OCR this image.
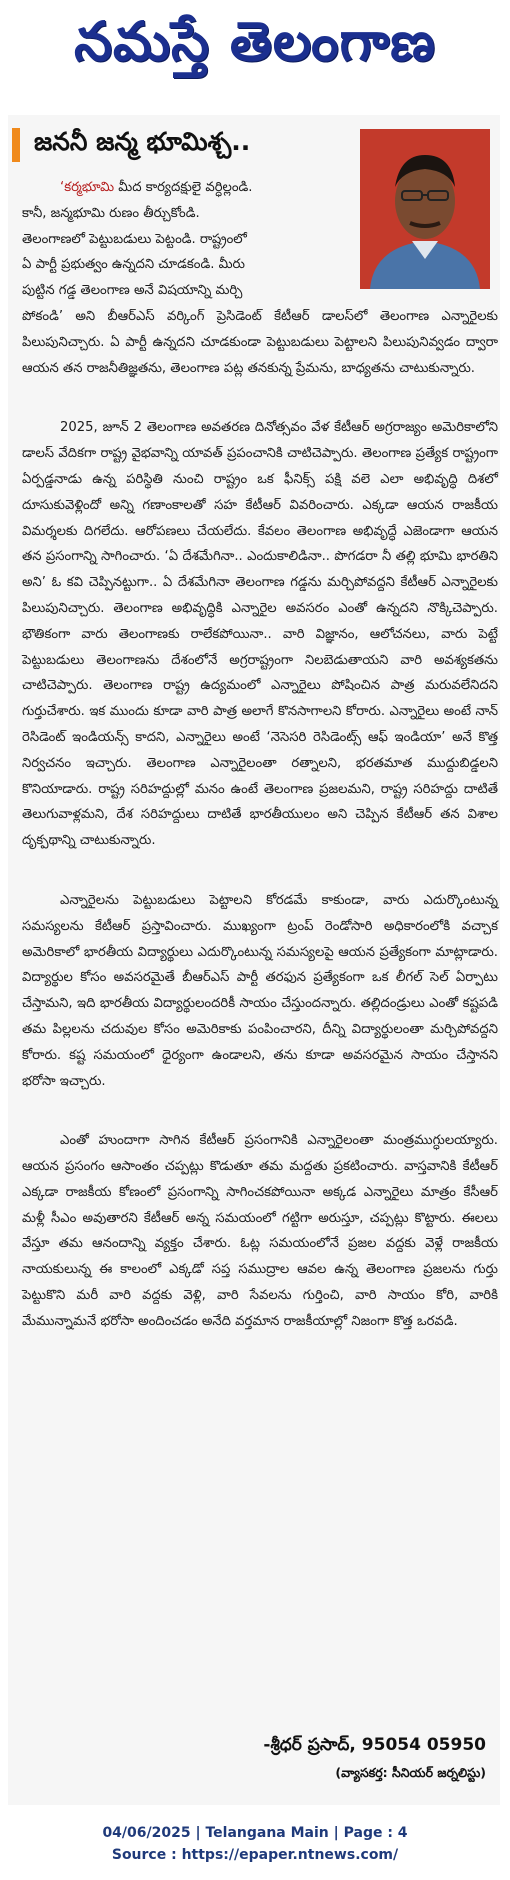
నమస్తే తెలంగాణ
జననీ జన్మ భూమిశ్చ..

‘కర్మభూమి మీద కార్యదక్షులై వర్ధిల్లండి.
కానీ, జన్మభూమి రుణం తీర్చుకోండి.
తెలంగాణలో పెట్టుబడులు పెట్టండి. రాష్ట్రంలో
ఏ పార్టీ ప్రభుత్వం ఉన్నదని చూడకండి. మీరు
పుట్టిన గడ్డ తెలంగాణ అనే విషయాన్ని మర్చి
పోకండి’ అని బీఆర్‌ఎస్ వర్కింగ్ ప్రెసిడెంట్ కేటీఆర్ డాలస్‌లో తెలంగాణ ఎన్నారైలకు పిలుపునిచ్చారు. ఏ పార్టీ ఉన్నదని చూడకుండా పెట్టుబడులు పెట్టాలని పిలుపునివ్వడం ద్వారా ఆయన తన రాజనీతిజ్ఞతను, తెలంగాణ పట్ల తనకున్న ప్రేమను, బాధ్యతను చాటుకున్నారు.

2025, జూన్ 2 తెలంగాణ అవతరణ దినోత్సవం వేళ కేటీఆర్ అగ్రరాజ్యం అమెరికాలోని డాలస్ వేదికగా రాష్ట్ర వైభవాన్ని యావత్ ప్రపంచానికి చాటిచెప్పారు. తెలంగాణ ప్రత్యేక రాష్ట్రంగా ఏర్పడ్డనాడు ఉన్న పరిస్థితి నుంచి రాష్ట్రం ఒక ఫీనిక్స్ పక్షి వలె ఎలా అభివృద్ధి దిశలో దూసుకువెళ్లిందో అన్ని గణాంకాలతో సహ కేటీఆర్ వివరించారు. ఎక్కడా ఆయన రాజకీయ విమర్శలకు దిగలేదు. ఆరోపణలు చేయలేదు. కేవలం తెలంగాణ అభివృద్ధే ఎజెండాగా ఆయన తన ప్రసంగాన్ని సాగించారు. ‘ఏ దేశమేగినా.. ఎందుకాలిడినా.. పొగడరా నీ తల్లి భూమి భారతిని అని’ ఓ కవి చెప్పినట్టుగా.. ఏ దేశమేగినా తెలంగాణ గడ్డను మర్చిపోవద్దని కేటీఆర్ ఎన్నారైలకు పిలుపునిచ్చారు. తెలంగాణ అభివృద్ధికి ఎన్నారైల అవసరం ఎంతో ఉన్నదని నొక్కిచెప్పారు. భౌతికంగా వారు తెలంగాణకు రాలేకపోయినా.. వారి విజ్ఞానం, ఆలోచనలు, వారు పెట్టే పెట్టుబడులు తెలంగాణను దేశంలోనే అగ్రరాష్ట్రంగా నిలబెడుతాయని వారి అవశ్యకతను చాటిచెప్పారు. తెలంగాణ రాష్ట్ర ఉద్యమంలో ఎన్నారైలు పోషించిన పాత్ర మరువలేనిదని గుర్తుచేశారు. ఇక ముందు కూడా వారి పాత్ర అలాగే కొనసాగాలని కోరారు. ఎన్నారైలు అంటే నాన్ రెసిడెంట్ ఇండియన్స్ కాదని, ఎన్నారైలు అంటే ‘నెసెసరి రెసిడెంట్స్ ఆఫ్ ఇండియా’ అనే కొత్త నిర్వచనం ఇచ్చారు. తెలంగాణ ఎన్నారైలంతా రత్నాలని, భరతమాత ముద్దుబిడ్డలని కొనియాడారు. రాష్ట్ర సరిహద్దుల్లో మనం ఉంటే తెలంగాణ ప్రజలమని, రాష్ట్ర సరిహద్దు దాటితే తెలుగువాళ్లమని, దేశ సరిహద్దులు దాటితే భారతీయులం అని చెప్పిన కేటీఆర్ తన విశాల దృక్పథాన్ని చాటుకున్నారు.

ఎన్నారైలను పెట్టుబడులు పెట్టాలని కోరడమే కాకుండా, వారు ఎదుర్కొంటున్న సమస్యలను కేటీఆర్ ప్రస్తావించారు. ముఖ్యంగా ట్రంప్ రెండోసారి అధికారంలోకి వచ్చాక అమెరికాలో భారతీయ విద్యార్థులు ఎదుర్కొంటున్న సమస్యలపై ఆయన ప్రత్యేకంగా మాట్లాడారు. విద్యార్థుల కోసం అవసరమైతే బీఆర్‌ఎస్ పార్టీ తరఫున ప్రత్యేకంగా ఒక లీగల్ సెల్ ఏర్పాటు చేస్తామని, ఇది భారతీయ విద్యార్థులందరికీ సాయం చేస్తుందన్నారు. తల్లిదండ్రులు ఎంతో కష్టపడి తమ పిల్లలను చదువుల కోసం అమెరికాకు పంపించారని, దీన్ని విద్యార్థులంతా మర్చిపోవద్దని కోరారు. కష్ట సమయంలో ధైర్యంగా ఉండాలని, తను కూడా అవసరమైన సాయం చేస్తానని భరోసా ఇచ్చారు.

ఎంతో హుందాగా సాగిన కేటీఆర్ ప్రసంగానికి ఎన్నారైలంతా మంత్రముగ్ధులయ్యారు. ఆయన ప్రసంగం ఆసాంతం చప్పట్లు కొడుతూ తమ మద్దతు ప్రకటించారు. వాస్తవానికి కేటీఆర్ ఎక్కడా రాజకీయ కోణంలో ప్రసంగాన్ని సాగించకపోయినా అక్కడ ఎన్నారైలు మాత్రం కేసీఆర్ మళ్లీ సీఎం అవుతారని కేటీఆర్ అన్న సమయంలో గట్టిగా అరుస్తూ, చప్పట్లు కొట్టారు. ఈలలు వేస్తూ తమ ఆనందాన్ని వ్యక్తం చేశారు. ఓట్ల సమయంలోనే ప్రజల వద్దకు వెళ్లే రాజకీయ నాయకులున్న ఈ కాలంలో ఎక్కడో సప్త సముద్రాల ఆవల ఉన్న తెలంగాణ ప్రజలను గుర్తు పెట్టుకొని మరీ వారి వద్దకు వెళ్లి, వారి సేవలను గుర్తించి, వారి సాయం కోరి, వారికి మేమున్నామనే భరోసా అందించడం అనేది వర్తమాన రాజకీయాల్లో నిజంగా కొత్త ఒరవడి.

-శ్రీధర్ ప్రసాద్, 95054 05950
(వ్యాసకర్త: సీనియర్ జర్నలిస్టు)
04/06/2025 | Telangana Main | Page : 4
Source : https://epaper.ntnews.com/
